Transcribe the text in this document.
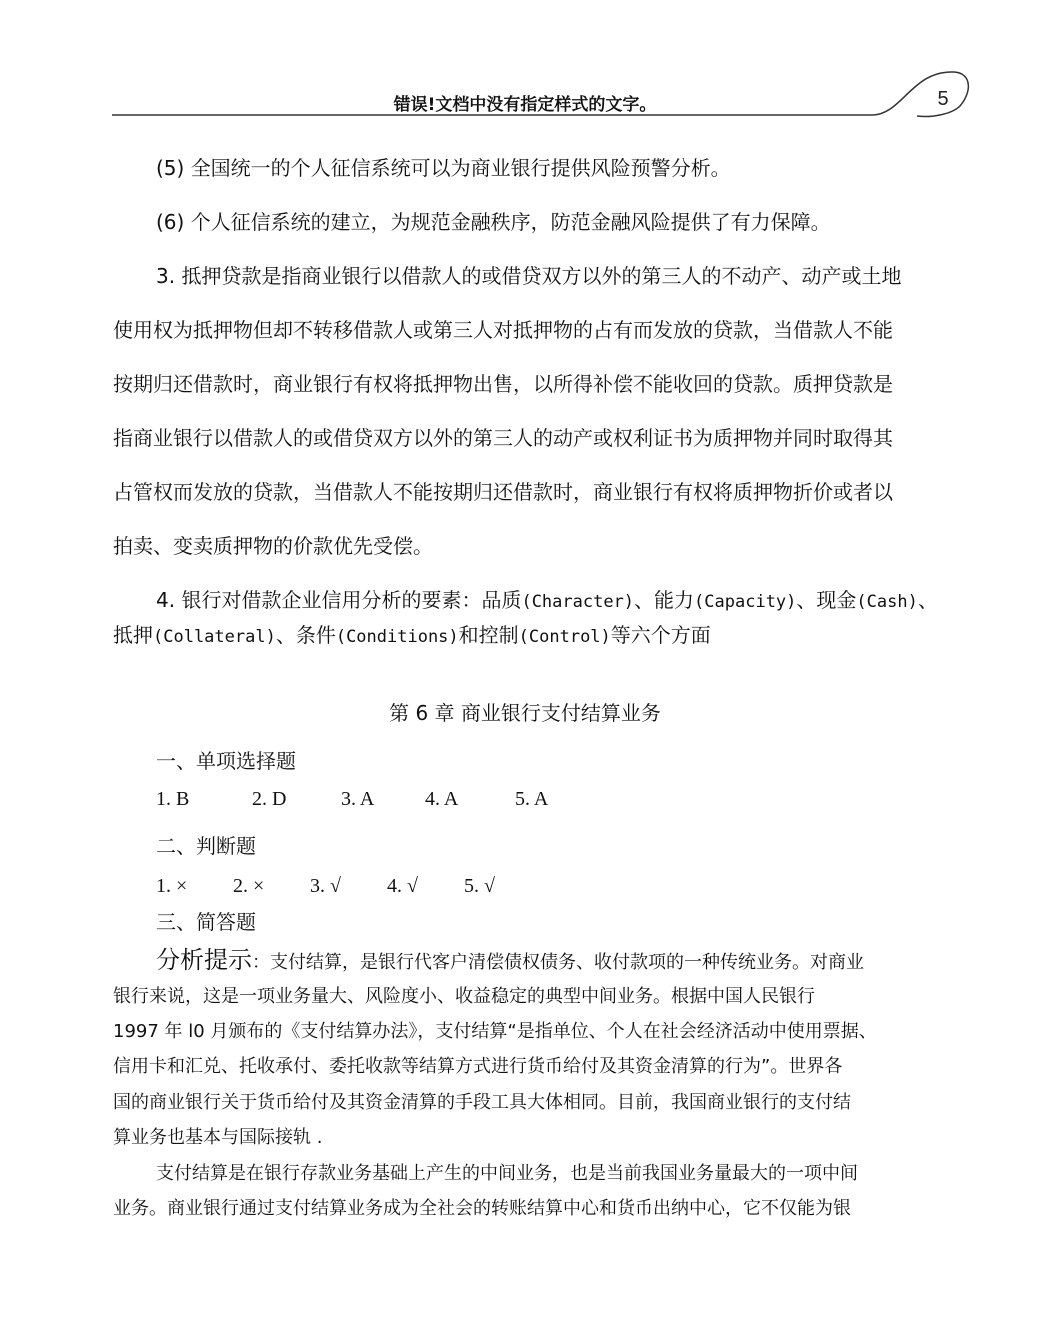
错误!文档中没有指定样式的文字。	5
(5) 全国统一的个人征信系统可以为商业银行提供风险预警分析。
(6) 个人征信系统的建立，为规范金融秩序，防范金融风险提供了有力保障。
3. 抵押贷款是指商业银行以借款人的或借贷双方以外的第三人的不动产、动产或土地
使用权为抵押物但却不转移借款人或第三人对抵押物的占有而发放的贷款，当借款人不能
按期归还借款时，商业银行有权将抵押物出售，以所得补偿不能收回的贷款。质押贷款是
指商业银行以借款人的或借贷双方以外的第三人的动产或权利证书为质押物并同时取得其
占管权而发放的贷款，当借款人不能按期归还借款时，商业银行有权将质押物折价或者以
拍卖、变卖质押物的价款优先受偿。
4. 银行对借款企业信用分析的要素：品质(Character)、能力(Capacity)、现金(Cash)、
抵押(Collateral)、条件(Conditions)和控制(Control)等六个方面
第 6 章 商业银行支付结算业务
一、单项选择题
1. B	2. D	3. A	4. A	5. A
二、判断题
1. × 2. × 3. √ 4. √ 5. √
三、简答题
分析提示：支付结算，是银行代客户清偿债权债务、收付款项的一种传统业务。对商业
银行来说，这是一项业务量大、风险度小、收益稳定的典型中间业务。根据中国人民银行
1997 年 l0 月颁布的《支付结算办法》，支付结算“是指单位、个人在社会经济活动中使用票据、
信用卡和汇兑、托收承付、委托收款等结算方式进行货币给付及其资金清算的行为”。世界各
国的商业银行关于货币给付及其资金清算的手段工具大体相同。目前，我国商业银行的支付结
算业务也基本与国际接轨 .
支付结算是在银行存款业务基础上产生的中间业务，也是当前我国业务量最大的一项中间
业务。商业银行通过支付结算业务成为全社会的转账结算中心和货币出纳中心，它不仅能为银
